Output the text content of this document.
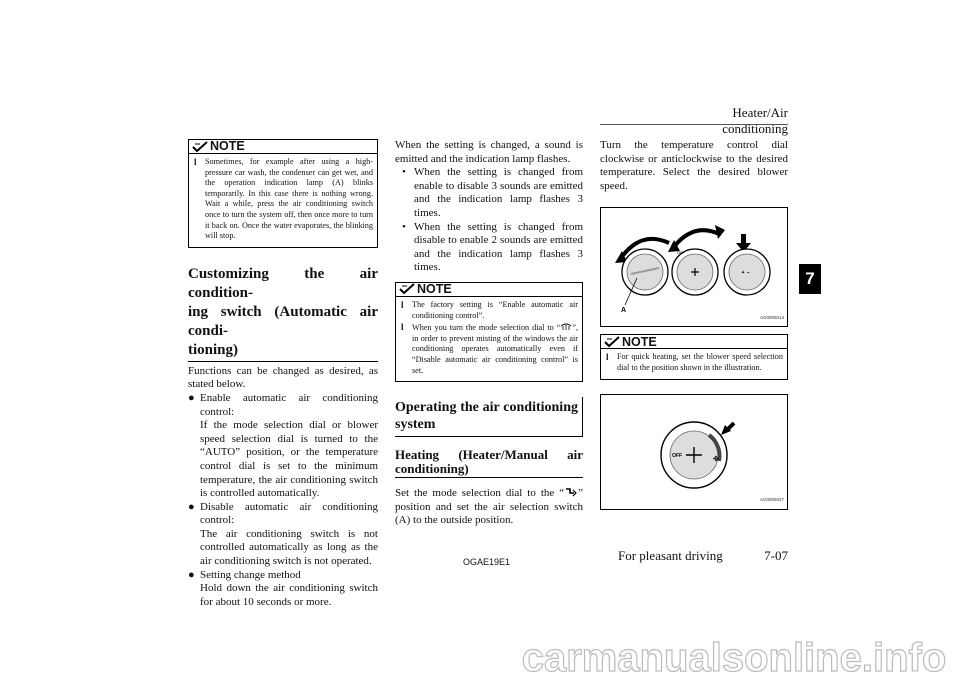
Heater/Air conditioning
7
NOTE
l Sometimes, for example after using a high-pressure car wash, the condenser can get wet, and the operation indication lamp (A) blinks temporarily. In this case there is nothing wrong. Wait a while, press the air conditioning switch once to turn the system off, then once more to turn it back on. Once the water evaporates, the blinking will stop.
Customizing the air condition-
ing switch (Automatic air condi-
tioning)
Functions can be changed as desired, as stated below.
● Enable automatic air conditioning control:
If the mode selection dial or blower speed selection dial is turned to the “AUTO” position, or the temperature control dial is set to the minimum temperature, the air conditioning switch is controlled automatically.
● Disable automatic air conditioning control:
The air conditioning switch is not controlled automatically as long as the air conditioning switch is not operated.
● Setting change method
Hold down the air conditioning switch for about 10 seconds or more.
When the setting is changed, a sound is emitted and the indication lamp flashes.
• When the setting is changed from enable to disable 3 sounds are emitted and the indication lamp flashes 3 times.
• When the setting is changed from disable to enable 2 sounds are emitted and the indication lamp flashes 3 times.
NOTE
l The factory setting is “Enable automatic air conditioning control”.
l When you turn the mode selection dial to “ ”, in order to prevent misting of the windows the air conditioning operates automatically even if “Disable automatic air conditioning control” is set.
Operating the air conditioning system
Heating (Heater/Manual air
conditioning)
Set the mode selection dial to the “ ” position and set the air selection switch (A) to the outside position.
Turn the temperature control dial clockwise or anticlockwise to the desired temperature. Select the desired blower speed.
✦ ⌁
OFF
A
AG0005014
NOTE
l For quick heating, set the blower speed selection dial to the position shown in the illustration.
OFF	✤
AG0005027
OGAE19E1	For pleasant driving	7-07
carmanualsonline.info
